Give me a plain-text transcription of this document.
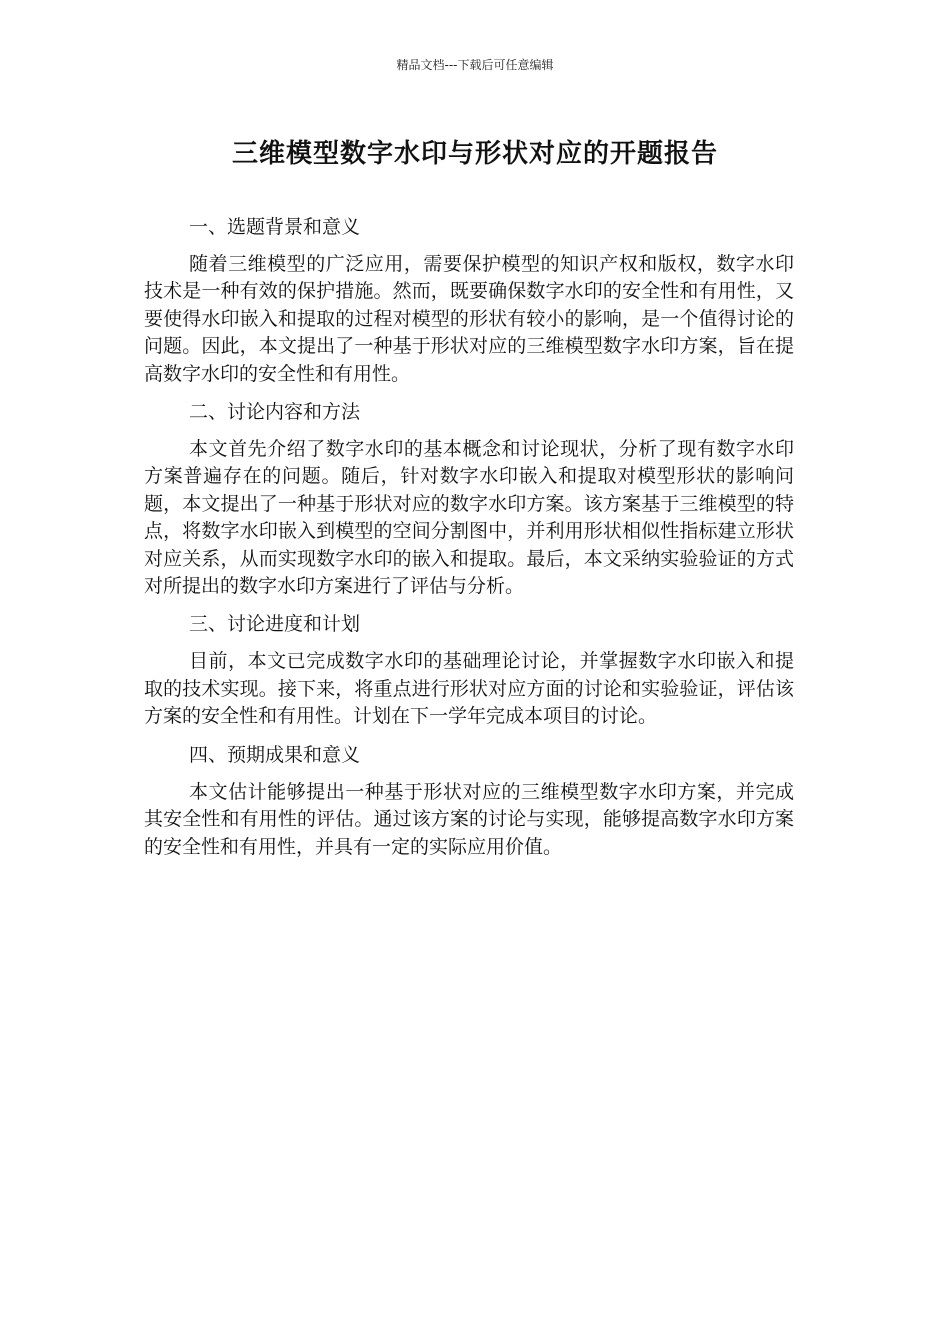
精品文档---下载后可任意编辑
三维模型数字水印与形状对应的开题报告
一、选题背景和意义

随着三维模型的广泛应用，需要保护模型的知识产权和版权，数字水印技术是一种有效的保护措施。然而，既要确保数字水印的安全性和有用性，又要使得水印嵌入和提取的过程对模型的形状有较小的影响，是一个值得讨论的问题。因此，本文提出了一种基于形状对应的三维模型数字水印方案，旨在提高数字水印的安全性和有用性。

二、讨论内容和方法

本文首先介绍了数字水印的基本概念和讨论现状，分析了现有数字水印方案普遍存在的问题。随后，针对数字水印嵌入和提取对模型形状的影响问题，本文提出了一种基于形状对应的数字水印方案。该方案基于三维模型的特点，将数字水印嵌入到模型的空间分割图中，并利用形状相似性指标建立形状对应关系，从而实现数字水印的嵌入和提取。最后，本文采纳实验验证的方式对所提出的数字水印方案进行了评估与分析。

三、讨论进度和计划

目前，本文已完成数字水印的基础理论讨论，并掌握数字水印嵌入和提取的技术实现。接下来，将重点进行形状对应方面的讨论和实验验证，评估该方案的安全性和有用性。计划在下一学年完成本项目的讨论。

四、预期成果和意义

本文估计能够提出一种基于形状对应的三维模型数字水印方案，并完成其安全性和有用性的评估。通过该方案的讨论与实现，能够提高数字水印方案的安全性和有用性，并具有一定的实际应用价值。
